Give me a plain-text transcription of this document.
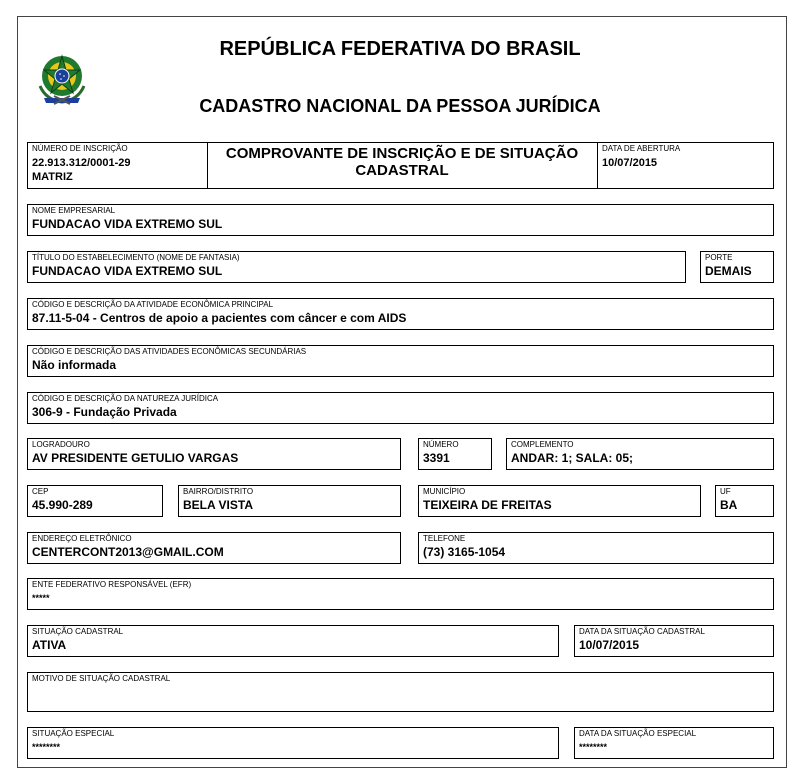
REPÚBLICA FEDERATIVA DO BRASIL
CADASTRO NACIONAL DA PESSOA JURÍDICA
NÚMERO DE INSCRIÇÃO
22.913.312/0001-29
MATRIZ
COMPROVANTE DE INSCRIÇÃO E DE SITUAÇÃO
CADASTRAL
DATA DE ABERTURA
10/07/2015
NOME EMPRESARIAL
FUNDACAO VIDA EXTREMO SUL
TÍTULO DO ESTABELECIMENTO (NOME DE FANTASIA)
FUNDACAO VIDA EXTREMO SUL
PORTE
DEMAIS
CÓDIGO E DESCRIÇÃO DA ATIVIDADE ECONÔMICA PRINCIPAL
87.11-5-04 - Centros de apoio a pacientes com câncer e com AIDS
CÓDIGO E DESCRIÇÃO DAS ATIVIDADES ECONÔMICAS SECUNDÁRIAS
Não informada
CÓDIGO E DESCRIÇÃO DA NATUREZA JURÍDICA
306-9 - Fundação Privada
LOGRADOURO
AV PRESIDENTE GETULIO VARGAS
NÚMERO
3391
COMPLEMENTO
ANDAR: 1; SALA: 05;
CEP
45.990-289
BAIRRO/DISTRITO
BELA VISTA
MUNICÍPIO
TEIXEIRA DE FREITAS
UF
BA
ENDEREÇO ELETRÔNICO
CENTERCONT2013@GMAIL.COM
TELEFONE
(73) 3165-1054
ENTE FEDERATIVO RESPONSÁVEL (EFR)
*****
SITUAÇÃO CADASTRAL
ATIVA
DATA DA SITUAÇÃO CADASTRAL
10/07/2015
MOTIVO DE SITUAÇÃO CADASTRAL
SITUAÇÃO ESPECIAL
********
DATA DA SITUAÇÃO ESPECIAL
********
